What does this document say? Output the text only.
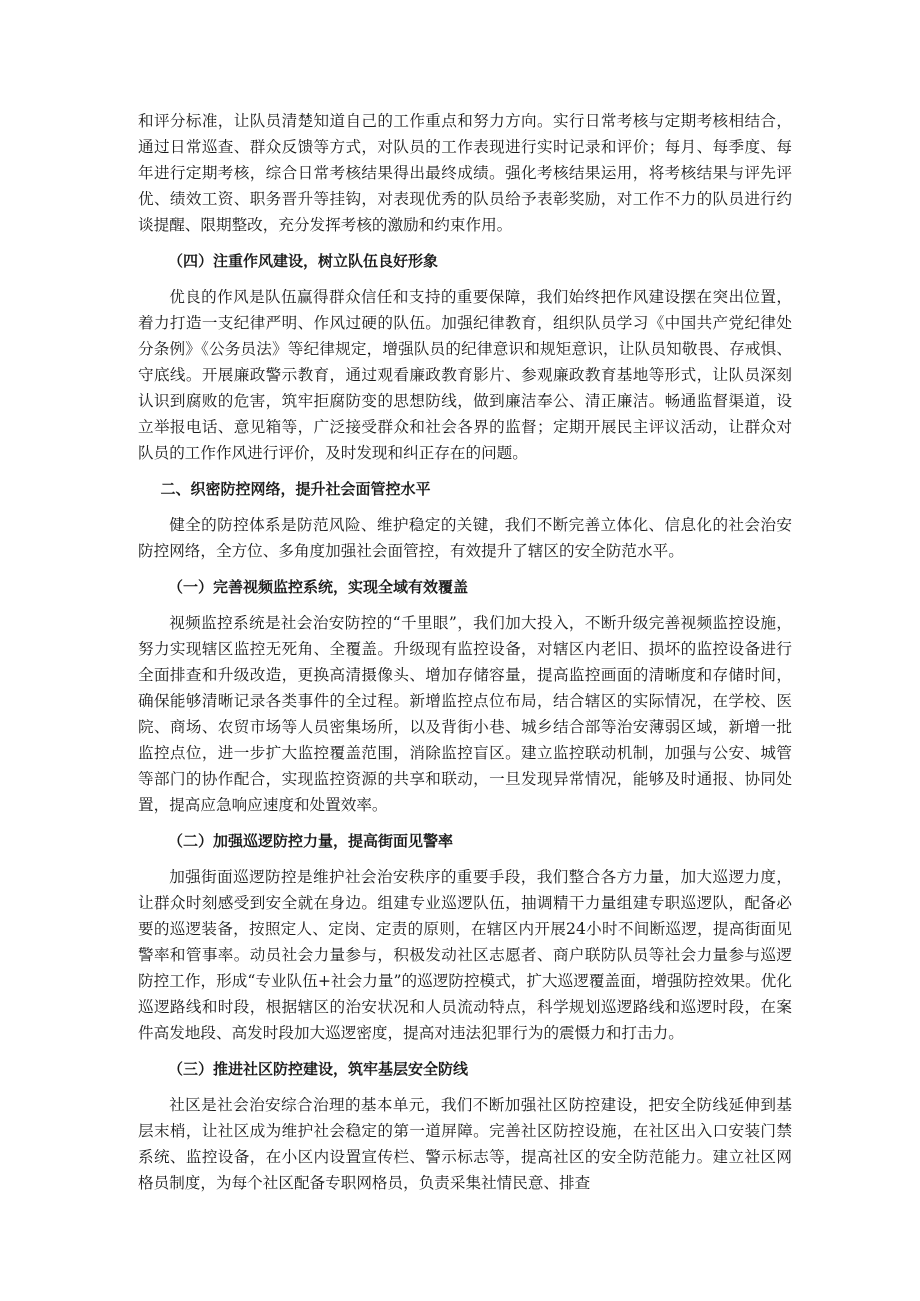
和评分标准，让队员清楚知道自己的工作重点和努力方向。实行日常考核与定期考核相结合，通过日常巡查、群众反馈等方式，对队员的工作表现进行实时记录和评价；每月、每季度、每年进行定期考核，综合日常考核结果得出最终成绩。强化考核结果运用，将考核结果与评先评优、绩效工资、职务晋升等挂钩，对表现优秀的队员给予表彰奖励，对工作不力的队员进行约谈提醒、限期整改，充分发挥考核的激励和约束作用。

（四）注重作风建设，树立队伍良好形象

优良的作风是队伍赢得群众信任和支持的重要保障，我们始终把作风建设摆在突出位置，着力打造一支纪律严明、作风过硬的队伍。加强纪律教育，组织队员学习《中国共产党纪律处分条例》《公务员法》等纪律规定，增强队员的纪律意识和规矩意识，让队员知敬畏、存戒惧、守底线。开展廉政警示教育，通过观看廉政教育影片、参观廉政教育基地等形式，让队员深刻认识到腐败的危害，筑牢拒腐防变的思想防线，做到廉洁奉公、清正廉洁。畅通监督渠道，设立举报电话、意见箱等，广泛接受群众和社会各界的监督；定期开展民主评议活动，让群众对队员的工作作风进行评价，及时发现和纠正存在的问题。

二、织密防控网络，提升社会面管控水平

健全的防控体系是防范风险、维护稳定的关键，我们不断完善立体化、信息化的社会治安防控网络，全方位、多角度加强社会面管控，有效提升了辖区的安全防范水平。

（一）完善视频监控系统，实现全域有效覆盖

视频监控系统是社会治安防控的“千里眼”，我们加大投入，不断升级完善视频监控设施，努力实现辖区监控无死角、全覆盖。升级现有监控设备，对辖区内老旧、损坏的监控设备进行全面排查和升级改造，更换高清摄像头、增加存储容量，提高监控画面的清晰度和存储时间，确保能够清晰记录各类事件的全过程。新增监控点位布局，结合辖区的实际情况，在学校、医院、商场、农贸市场等人员密集场所，以及背街小巷、城乡结合部等治安薄弱区域，新增一批监控点位，进一步扩大监控覆盖范围，消除监控盲区。建立监控联动机制，加强与公安、城管等部门的协作配合，实现监控资源的共享和联动，一旦发现异常情况，能够及时通报、协同处置，提高应急响应速度和处置效率。

（二）加强巡逻防控力量，提高街面见警率

加强街面巡逻防控是维护社会治安秩序的重要手段，我们整合各方力量，加大巡逻力度，让群众时刻感受到安全就在身边。组建专业巡逻队伍，抽调精干力量组建专职巡逻队，配备必要的巡逻装备，按照定人、定岗、定责的原则，在辖区内开展24小时不间断巡逻，提高街面见警率和管事率。动员社会力量参与，积极发动社区志愿者、商户联防队员等社会力量参与巡逻防控工作，形成“专业队伍+社会力量”的巡逻防控模式，扩大巡逻覆盖面，增强防控效果。优化巡逻路线和时段，根据辖区的治安状况和人员流动特点，科学规划巡逻路线和巡逻时段，在案件高发地段、高发时段加大巡逻密度，提高对违法犯罪行为的震慑力和打击力。

（三）推进社区防控建设，筑牢基层安全防线

社区是社会治安综合治理的基本单元，我们不断加强社区防控建设，把安全防线延伸到基层末梢，让社区成为维护社会稳定的第一道屏障。完善社区防控设施，在社区出入口安装门禁系统、监控设备，在小区内设置宣传栏、警示标志等，提高社区的安全防范能力。建立社区网格员制度，为每个社区配备专职网格员，负责采集社情民意、排查
